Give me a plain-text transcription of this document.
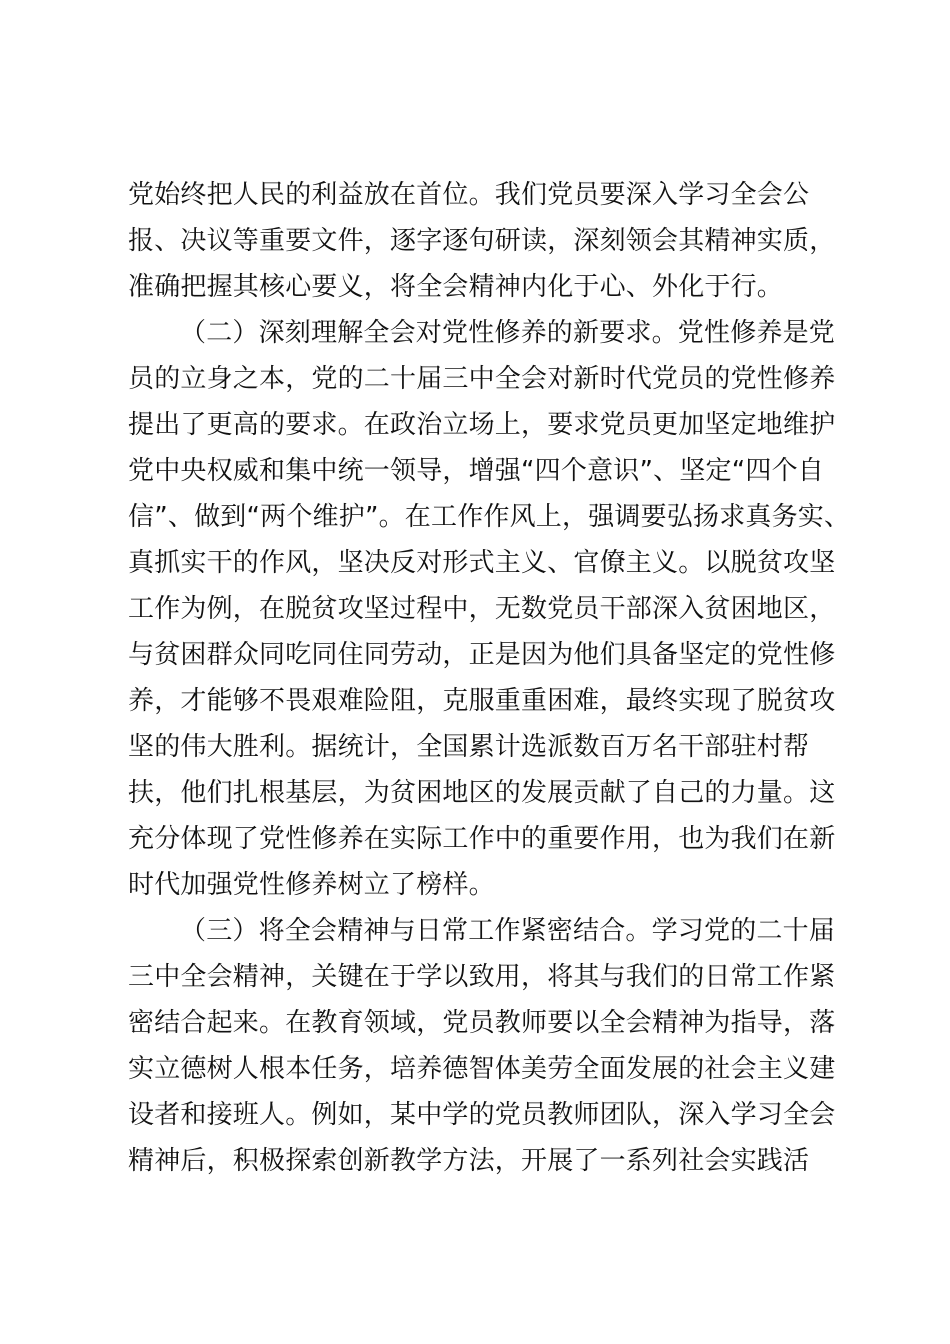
党始终把人民的利益放在首位。我们党员要深入学习全会公
报、决议等重要文件，逐字逐句研读，深刻领会其精神实质，
准确把握其核心要义，将全会精神内化于心、外化于行。
（二）深刻理解全会对党性修养的新要求。党性修养是党
员的立身之本，党的二十届三中全会对新时代党员的党性修养
提出了更高的要求。在政治立场上，要求党员更加坚定地维护
党中央权威和集中统一领导，增强“四个意识”、坚定“四个自
信”、做到“两个维护”。在工作作风上，强调要弘扬求真务实、
真抓实干的作风，坚决反对形式主义、官僚主义。以脱贫攻坚
工作为例，在脱贫攻坚过程中，无数党员干部深入贫困地区，
与贫困群众同吃同住同劳动，正是因为他们具备坚定的党性修
养，才能够不畏艰难险阻，克服重重困难，最终实现了脱贫攻
坚的伟大胜利。据统计，全国累计选派数百万名干部驻村帮
扶，他们扎根基层，为贫困地区的发展贡献了自己的力量。这
充分体现了党性修养在实际工作中的重要作用，也为我们在新
时代加强党性修养树立了榜样。
（三）将全会精神与日常工作紧密结合。学习党的二十届
三中全会精神，关键在于学以致用，将其与我们的日常工作紧
密结合起来。在教育领域，党员教师要以全会精神为指导，落
实立德树人根本任务，培养德智体美劳全面发展的社会主义建
设者和接班人。例如，某中学的党员教师团队，深入学习全会
精神后，积极探索创新教学方法，开展了一系列社会实践活
